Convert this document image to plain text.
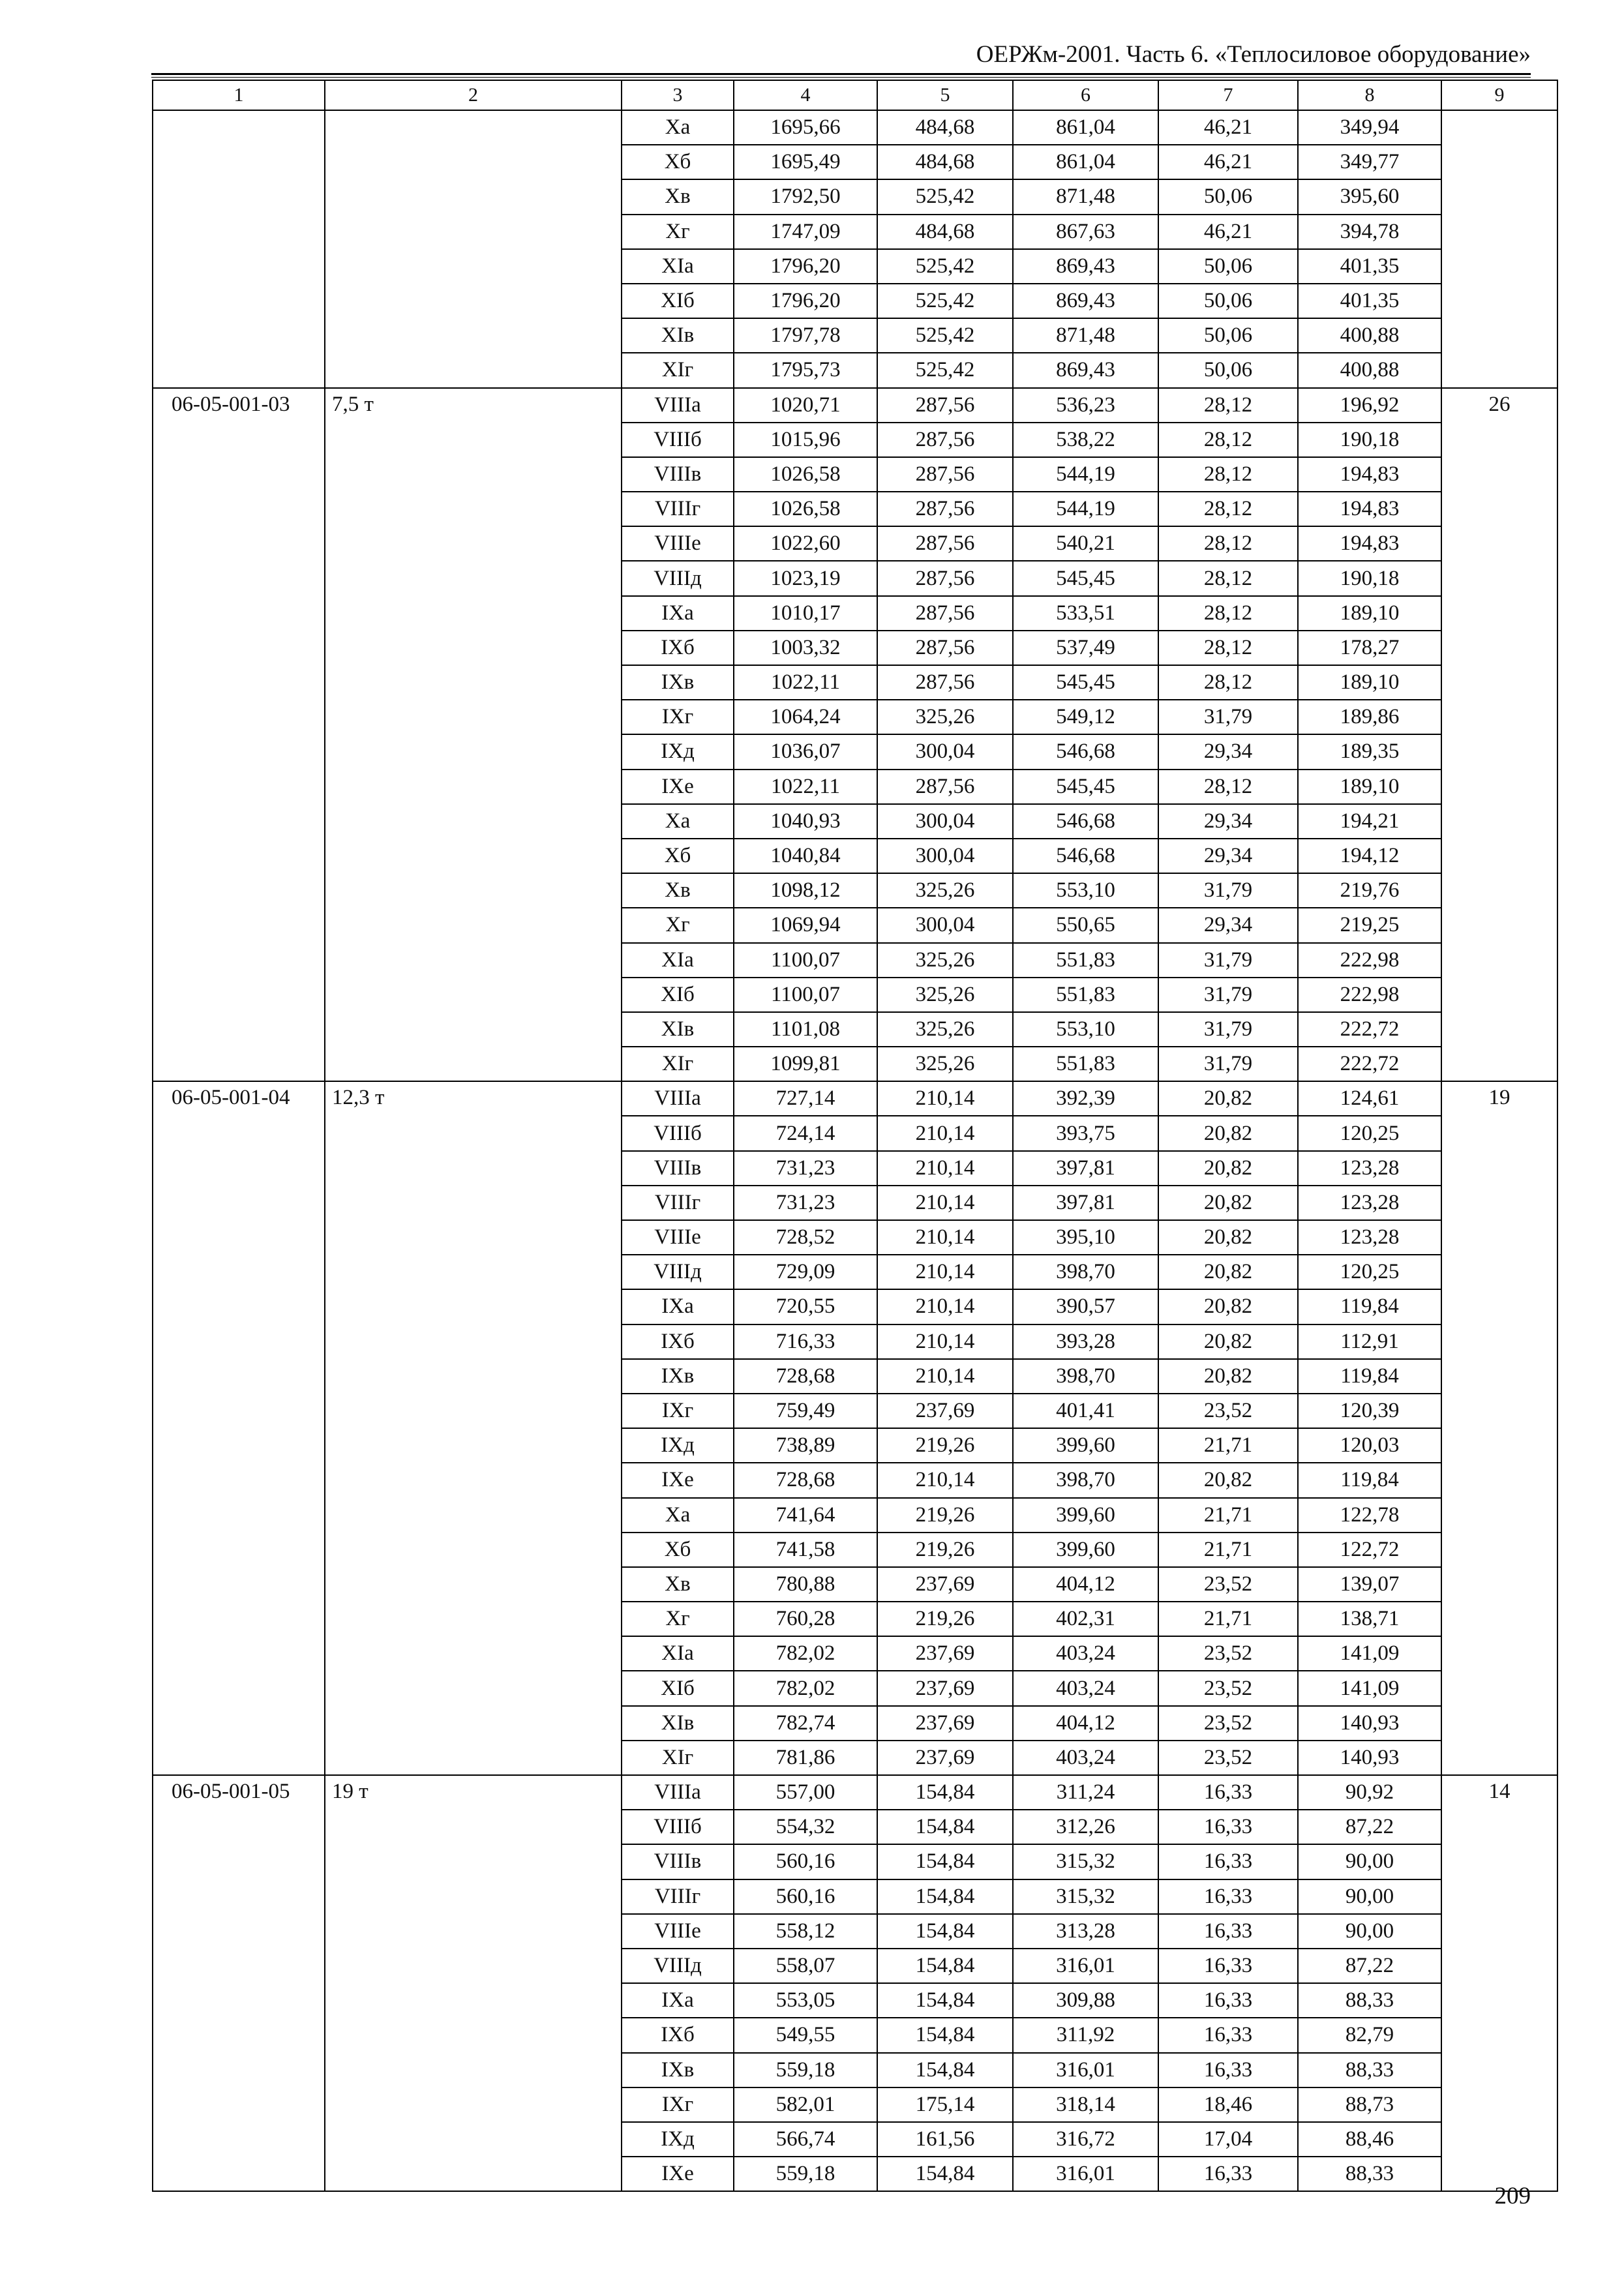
ОЕРЖм-2001. Часть 6. «Теплосиловое оборудование»
1	2	3	4	5	6	7	8	9
		Xa	1695,66	484,68	861,04	46,21	349,94	
		Xб	1695,49	484,68	861,04	46,21	349,77	
		Xв	1792,50	525,42	871,48	50,06	395,60	
		Xг	1747,09	484,68	867,63	46,21	394,78	
		XIa	1796,20	525,42	869,43	50,06	401,35	
		XIб	1796,20	525,42	869,43	50,06	401,35	
		XIв	1797,78	525,42	871,48	50,06	400,88	
		XIг	1795,73	525,42	869,43	50,06	400,88	
06-05-001-03	7,5 т	VIIIa	1020,71	287,56	536,23	28,12	196,92	26
		VIIIб	1015,96	287,56	538,22	28,12	190,18	
		VIIIв	1026,58	287,56	544,19	28,12	194,83	
		VIIIг	1026,58	287,56	544,19	28,12	194,83	
		VIIIe	1022,60	287,56	540,21	28,12	194,83	
		VIIIд	1023,19	287,56	545,45	28,12	190,18	
		IXa	1010,17	287,56	533,51	28,12	189,10	
		IXб	1003,32	287,56	537,49	28,12	178,27	
		IXв	1022,11	287,56	545,45	28,12	189,10	
		IXг	1064,24	325,26	549,12	31,79	189,86	
		IXд	1036,07	300,04	546,68	29,34	189,35	
		IXe	1022,11	287,56	545,45	28,12	189,10	
		Xa	1040,93	300,04	546,68	29,34	194,21	
		Xб	1040,84	300,04	546,68	29,34	194,12	
		Xв	1098,12	325,26	553,10	31,79	219,76	
		Xг	1069,94	300,04	550,65	29,34	219,25	
		XIa	1100,07	325,26	551,83	31,79	222,98	
		XIб	1100,07	325,26	551,83	31,79	222,98	
		XIв	1101,08	325,26	553,10	31,79	222,72	
		XIг	1099,81	325,26	551,83	31,79	222,72	
06-05-001-04	12,3 т	VIIIa	727,14	210,14	392,39	20,82	124,61	19
		VIIIб	724,14	210,14	393,75	20,82	120,25	
		VIIIв	731,23	210,14	397,81	20,82	123,28	
		VIIIг	731,23	210,14	397,81	20,82	123,28	
		VIIIe	728,52	210,14	395,10	20,82	123,28	
		VIIIд	729,09	210,14	398,70	20,82	120,25	
		IXa	720,55	210,14	390,57	20,82	119,84	
		IXб	716,33	210,14	393,28	20,82	112,91	
		IXв	728,68	210,14	398,70	20,82	119,84	
		IXг	759,49	237,69	401,41	23,52	120,39	
		IXд	738,89	219,26	399,60	21,71	120,03	
		IXe	728,68	210,14	398,70	20,82	119,84	
		Xa	741,64	219,26	399,60	21,71	122,78	
		Xб	741,58	219,26	399,60	21,71	122,72	
		Xв	780,88	237,69	404,12	23,52	139,07	
		Xг	760,28	219,26	402,31	21,71	138,71	
		XIa	782,02	237,69	403,24	23,52	141,09	
		XIб	782,02	237,69	403,24	23,52	141,09	
		XIв	782,74	237,69	404,12	23,52	140,93	
		XIг	781,86	237,69	403,24	23,52	140,93	
06-05-001-05	19 т	VIIIa	557,00	154,84	311,24	16,33	90,92	14
		VIIIб	554,32	154,84	312,26	16,33	87,22	
		VIIIв	560,16	154,84	315,32	16,33	90,00	
		VIIIг	560,16	154,84	315,32	16,33	90,00	
		VIIIe	558,12	154,84	313,28	16,33	90,00	
		VIIIд	558,07	154,84	316,01	16,33	87,22	
		IXa	553,05	154,84	309,88	16,33	88,33	
		IXб	549,55	154,84	311,92	16,33	82,79	
		IXв	559,18	154,84	316,01	16,33	88,33	
		IXг	582,01	175,14	318,14	18,46	88,73	
		IXд	566,74	161,56	316,72	17,04	88,46	
		IXe	559,18	154,84	316,01	16,33	88,33	
209
